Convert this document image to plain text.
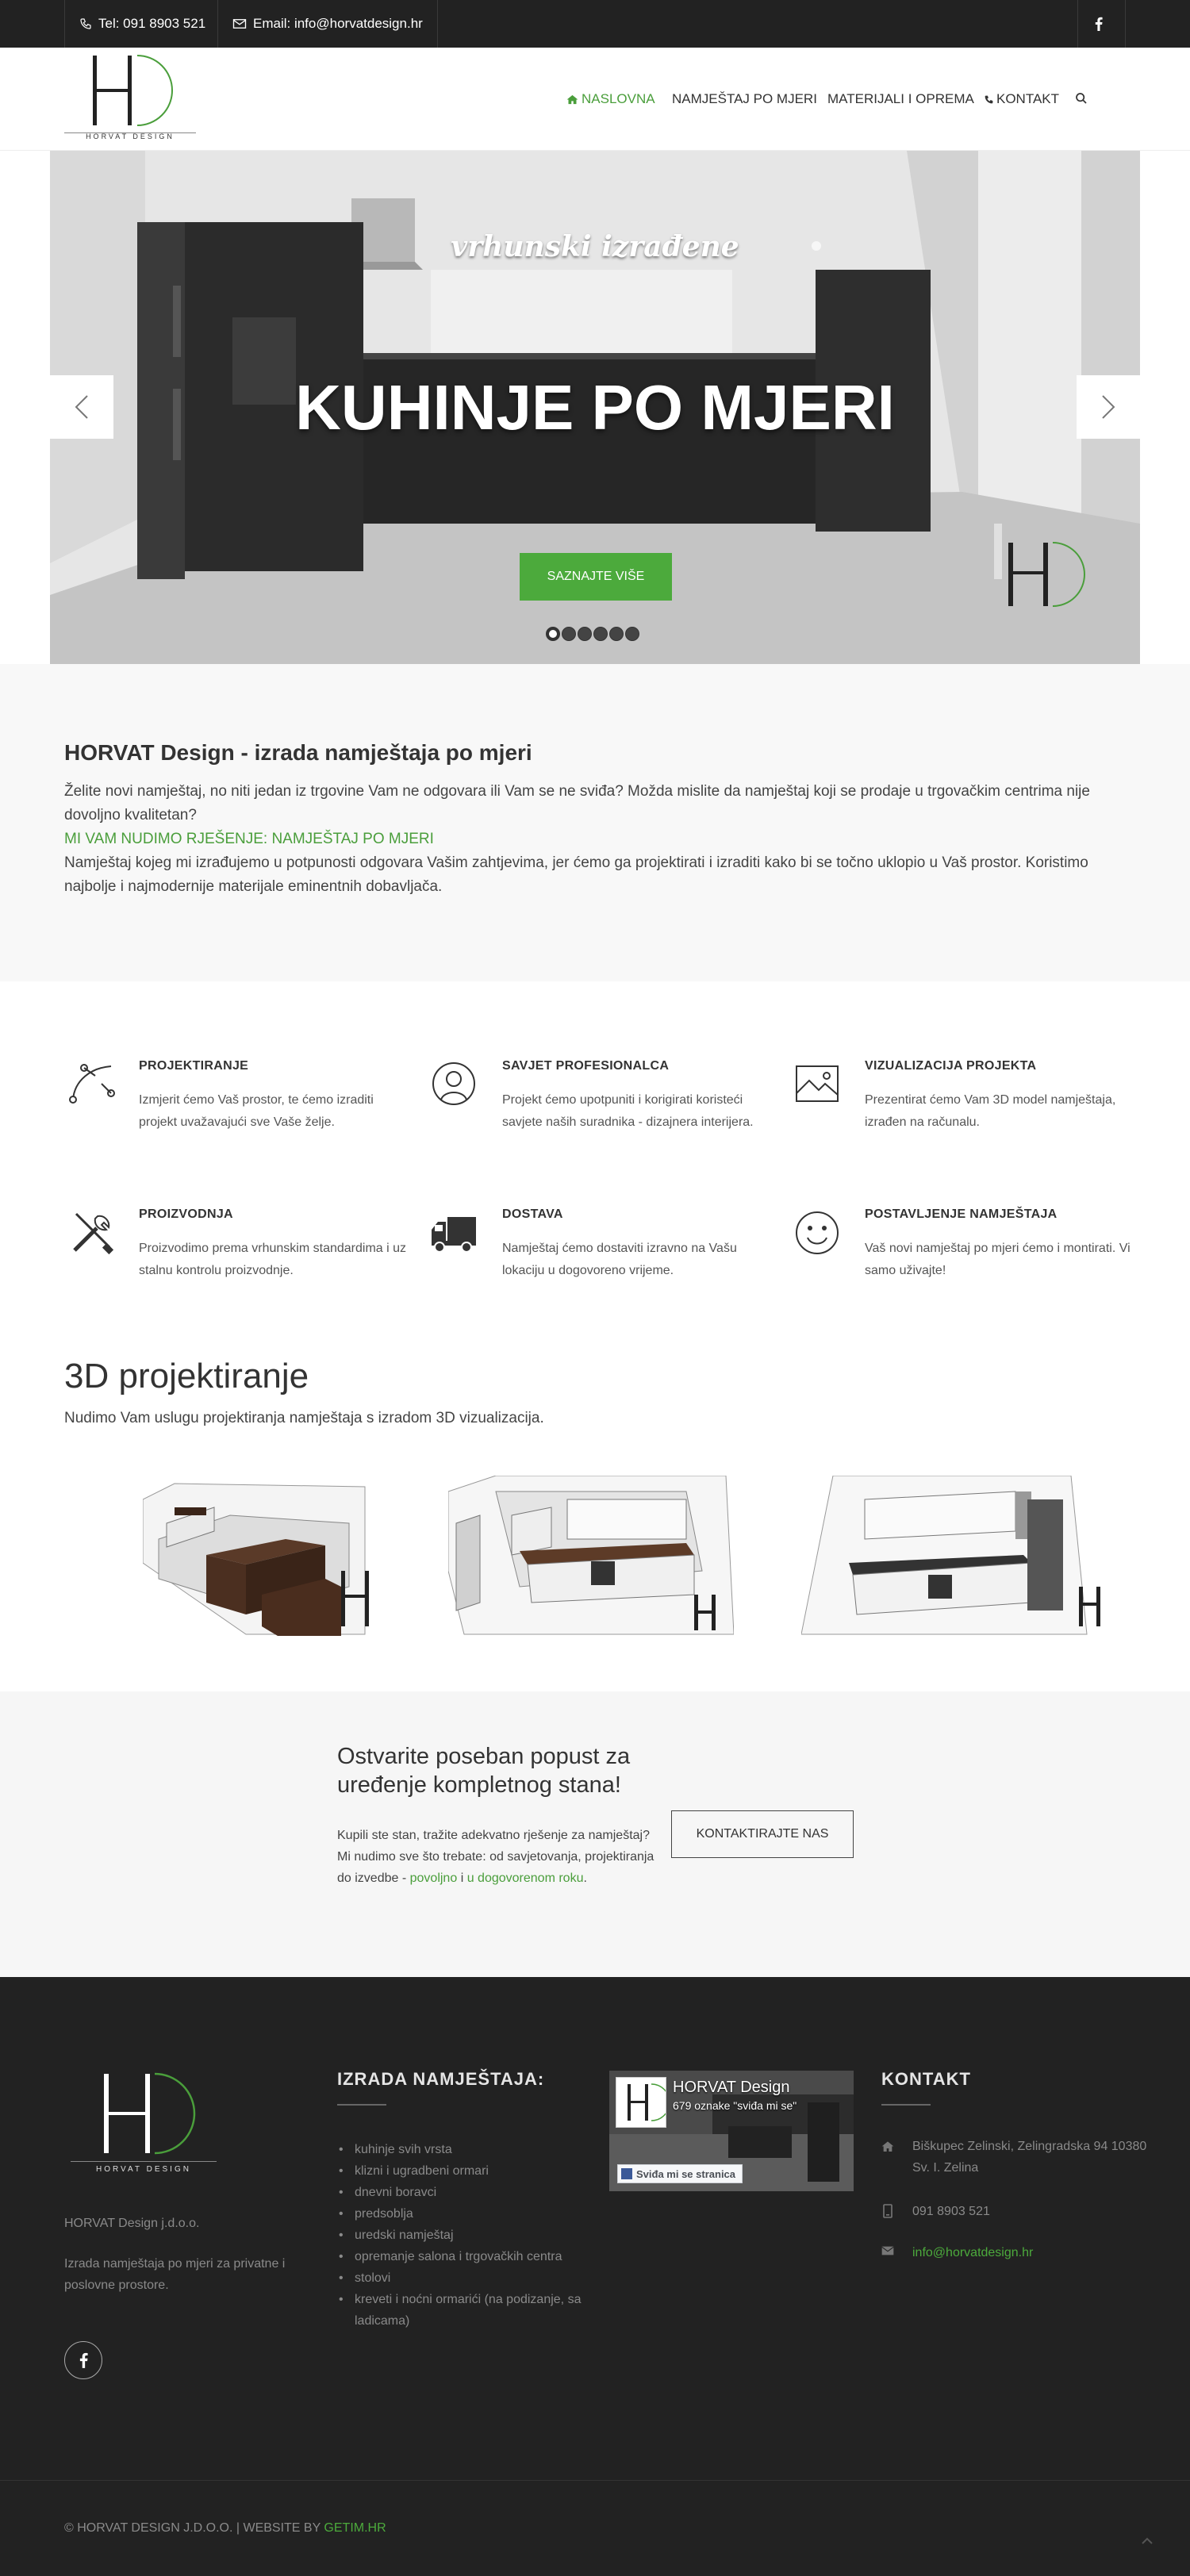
Tel: 091 8903 521	Email: info@horvatdesign.hr
HORVAT DESIGN
NASLOVNA NAMJEŠTAJ PO MJERI MATERIJALI I OPREMA KONTAKT
vrhunski izrađene
KUHINJE PO MJERI
SAZNAJTE VIŠE
HORVAT Design - izrada namještaja po mjeri
Želite novi namještaj, no niti jedan iz trgovine Vam ne odgovara ili Vam se ne sviđa? Možda mislite da namještaj koji se prodaje u trgovačkim centrima nije dovoljno kvalitetan?
MI VAM NUDIMO RJEŠENJE: NAMJEŠTAJ PO MJERI
Namještaj kojeg mi izrađujemo u potpunosti odgovara Vašim zahtjevima, jer ćemo ga projektirati i izraditi kako bi se točno uklopio u Vaš prostor. Koristimo najbolje i najmodernije materijale eminentnih dobavljača.
PROJEKTIRANJE
Izmjerit ćemo Vaš prostor, te ćemo izraditi projekt uvažavajući sve Vaše želje.
SAVJET PROFESIONALCA
Projekt ćemo upotpuniti i korigirati koristeći savjete naših suradnika - dizajnera interijera.
VIZUALIZACIJA PROJEKTA
Prezentirat ćemo Vam 3D model namještaja, izrađen na računalu.
PROIZVODNJA
Proizvodimo prema vrhunskim standardima i uz stalnu kontrolu proizvodnje.
DOSTAVA
Namještaj ćemo dostaviti izravno na Vašu lokaciju u dogovoreno vrijeme.
POSTAVLJENJE NAMJEŠTAJA
Vaš novi namještaj po mjeri ćemo i montirati. Vi samo uživajte!
3D projektiranje
Nudimo Vam uslugu projektiranja namještaja s izradom 3D vizualizacija.
Ostvarite poseban popust za uređenje kompletnog stana!
Kupili ste stan, tražite adekvatno rješenje za namještaj?
Mi nudimo sve što trebate: od savjetovanja, projektiranja do izvedbe - povoljno i u dogovorenom roku.
KONTAKTIRAJTE NAS
HORVAT DESIGN
HORVAT Design j.d.o.o.
Izrada namještaja po mjeri za privatne i poslovne prostore.
IZRADA NAMJEŠTAJA:
• kuhinje svih vrsta
• klizni i ugradbeni ormari
• dnevni boravci
• predsoblja
• uredski namještaj
• opremanje salona i trgovačkih centra
• stolovi
• kreveti i noćni ormarići (na podizanje, sa ladicama)
HORVAT Design
679 oznake "sviđa mi se"
Sviđa mi se stranica
KONTAKT
Biškupec Zelinski, Zelingradska 94 10380 Sv. I. Zelina
091 8903 521
info@horvatdesign.hr
© HORVAT DESIGN J.D.O.O. | WEBSITE BY GETIM.HR
